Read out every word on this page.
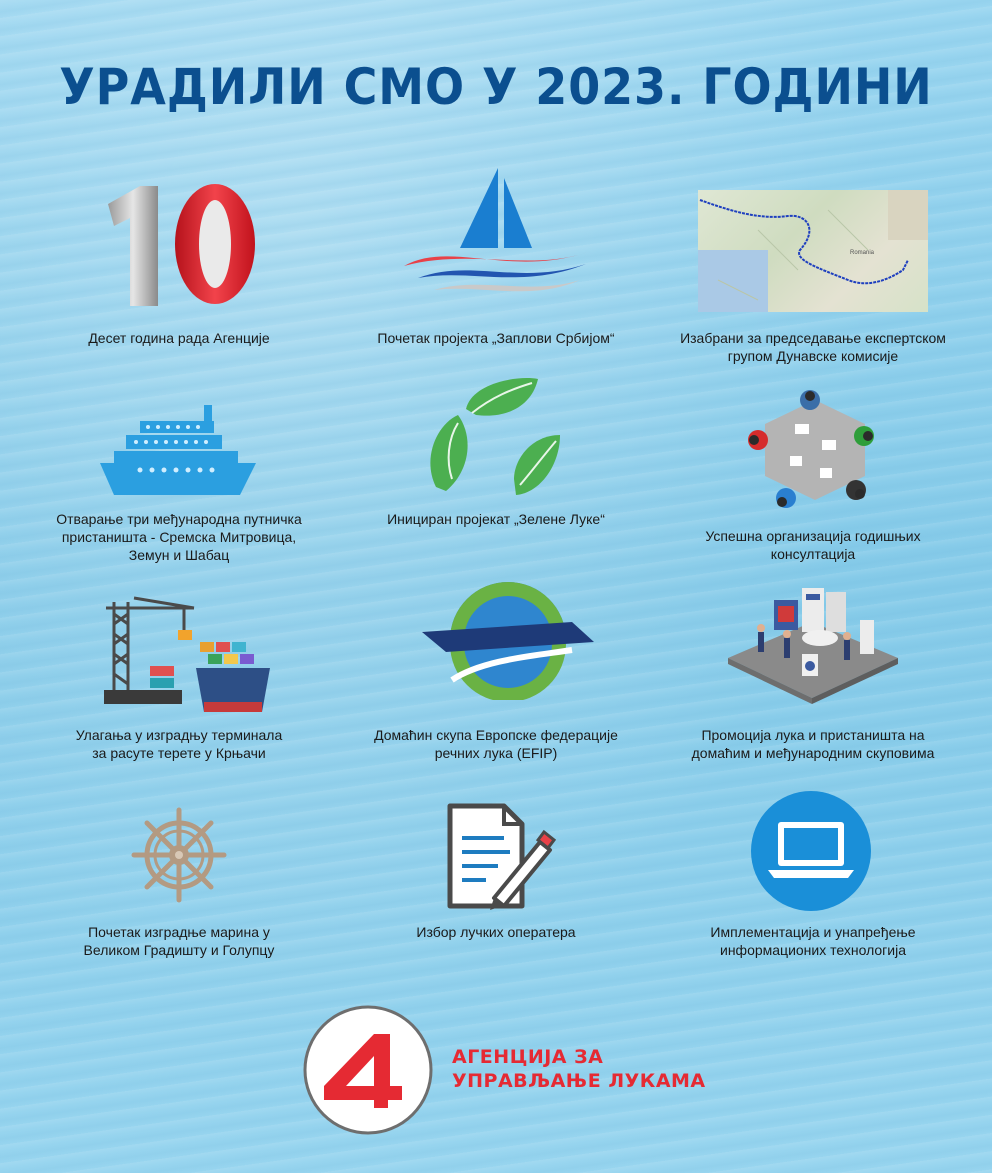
УРАДИЛИ СМО У 2023. ГОДИНИ
Десет година рада Агенције	Почетак пројекта „Заплови Србијом“
Romania
Изабрани за председавање експертском
групом Дунавске комисије
Отварање три међународна путничка
пристаништа - Сремска Митровица,
Земун и Шабац
Инициран пројекат „Зелене Луке“
Успешна организација годишњих
консултација
Улагања у изградњу терминала
за расуте терете у Крњачи
Домаћин скупа Европске федерације
речних лука (EFIP)
Промоција лука и пристаништа на
домаћим и међународним скуповима
Почетак изградње марина у
Великом Градишту и Голупцу
Избор лучких оператера	Имплементација и унапређење
информационих технологија
АГЕНЦИЈА ЗА
УПРАВЉАЊЕ ЛУКАМА
